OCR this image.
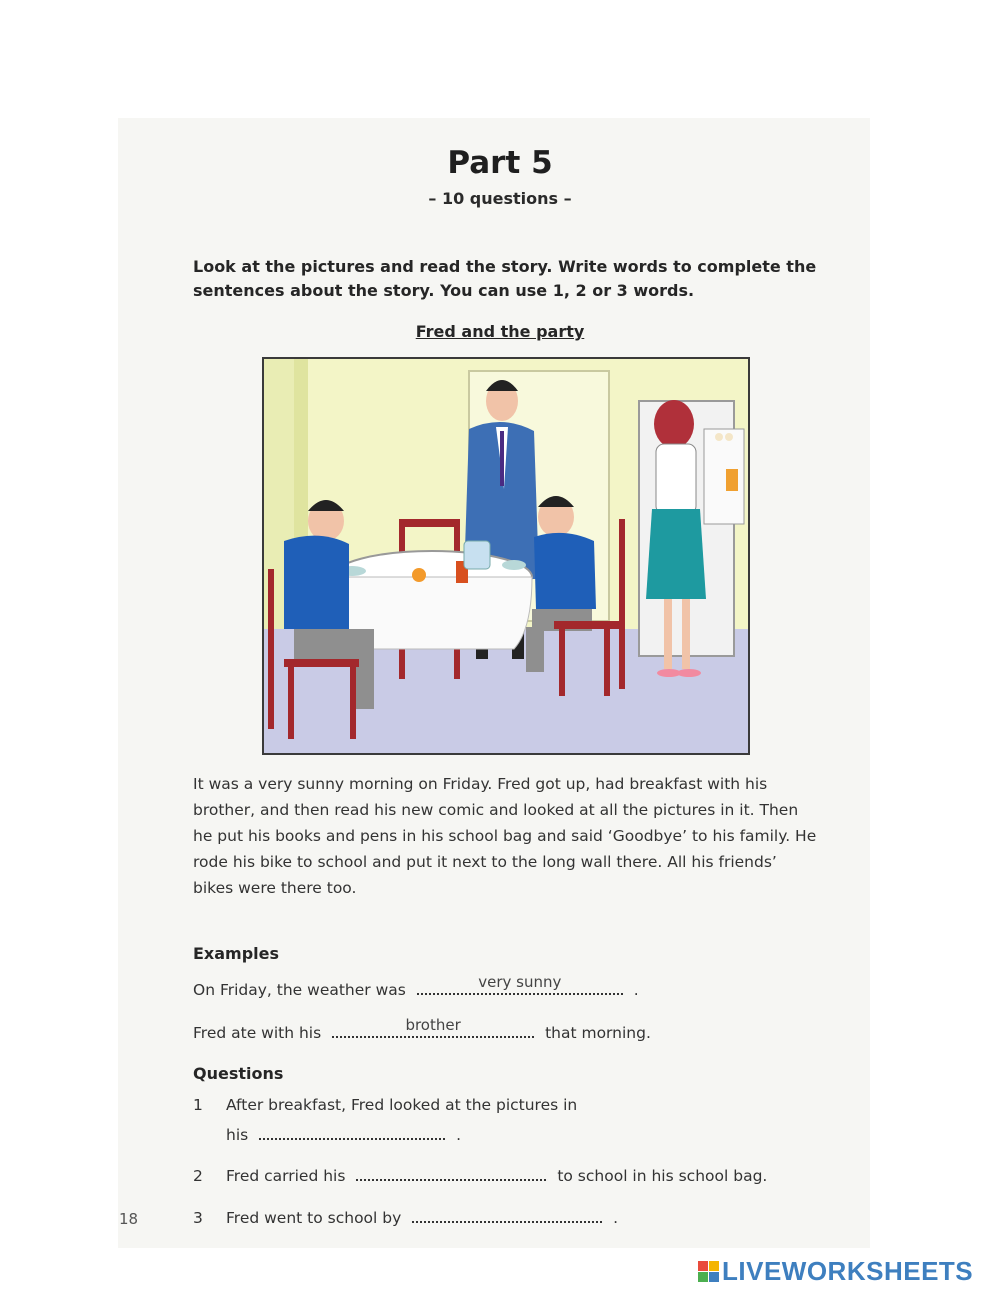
Part 5
– 10 questions –
Look at the pictures and read the story. Write words to complete the sentences about the story. You can use 1, 2 or 3 words.
Fred and the party
It was a very sunny morning on Friday. Fred got up, had breakfast with his brother, and then read his new comic and looked at all the pictures in it. Then he put his books and pens in his school bag and said ‘Goodbye’ to his family. He rode his bike to school and put it next to the long wall there. All his friends’ bikes were there too.
Examples
On Friday, the weather was	very sunny	.
Fred ate with his	brother	that morning.
Questions
1 After breakfast, Fred looked at the pictures in
his	.
2 Fred carried his	to school in his school bag.
3 Fred went to school by	.
18
LIVEWORKSHEETS
